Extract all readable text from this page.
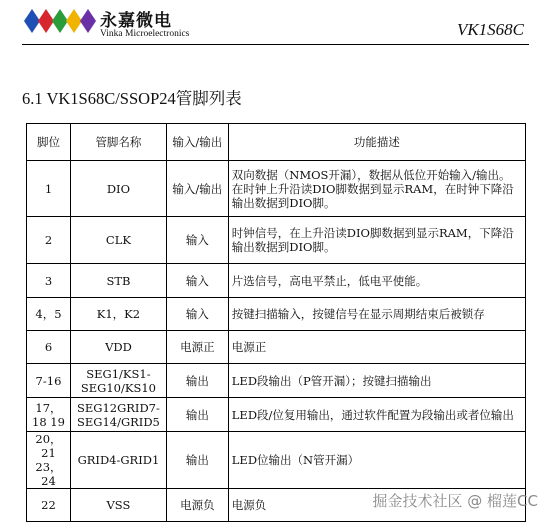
永嘉微电
Vinka Microelectronics	VK1S68C
6.1 VK1S68C/SSOP24管脚列表
脚位	管脚名称	输入/输出	功能描述
1	DIO	输入/输出	双向数据（NMOS开漏），数据从低位开始输入/输出。在时钟上升沿读DIO脚数据到显示RAM，在时钟下降沿输出数据到DIO脚。
2	CLK	输入	时钟信号，在上升沿读DIO脚数据到显示RAM，下降沿输出数据到DIO脚。
3	STB	输入	片选信号，高电平禁止，低电平使能。
4，5	K1，K2	输入	按键扫描输入，按键信号在显示周期结束后被锁存
6	VDD	电源正	电源正
7-16	SEG1/KS1-SEG10/KS10	输出	LED段输出（P管开漏）；按键扫描输出
17，18 19	SEG12GRID7-SEG14/GRID5	输出	LED段/位复用输出，通过软件配置为段输出或者位输出
20，21 23，24	GRID4-GRID1	输出	LED位输出（N管开漏）
22	VSS	电源负	电源负	掘金技术社区 @ 榴莲CC
